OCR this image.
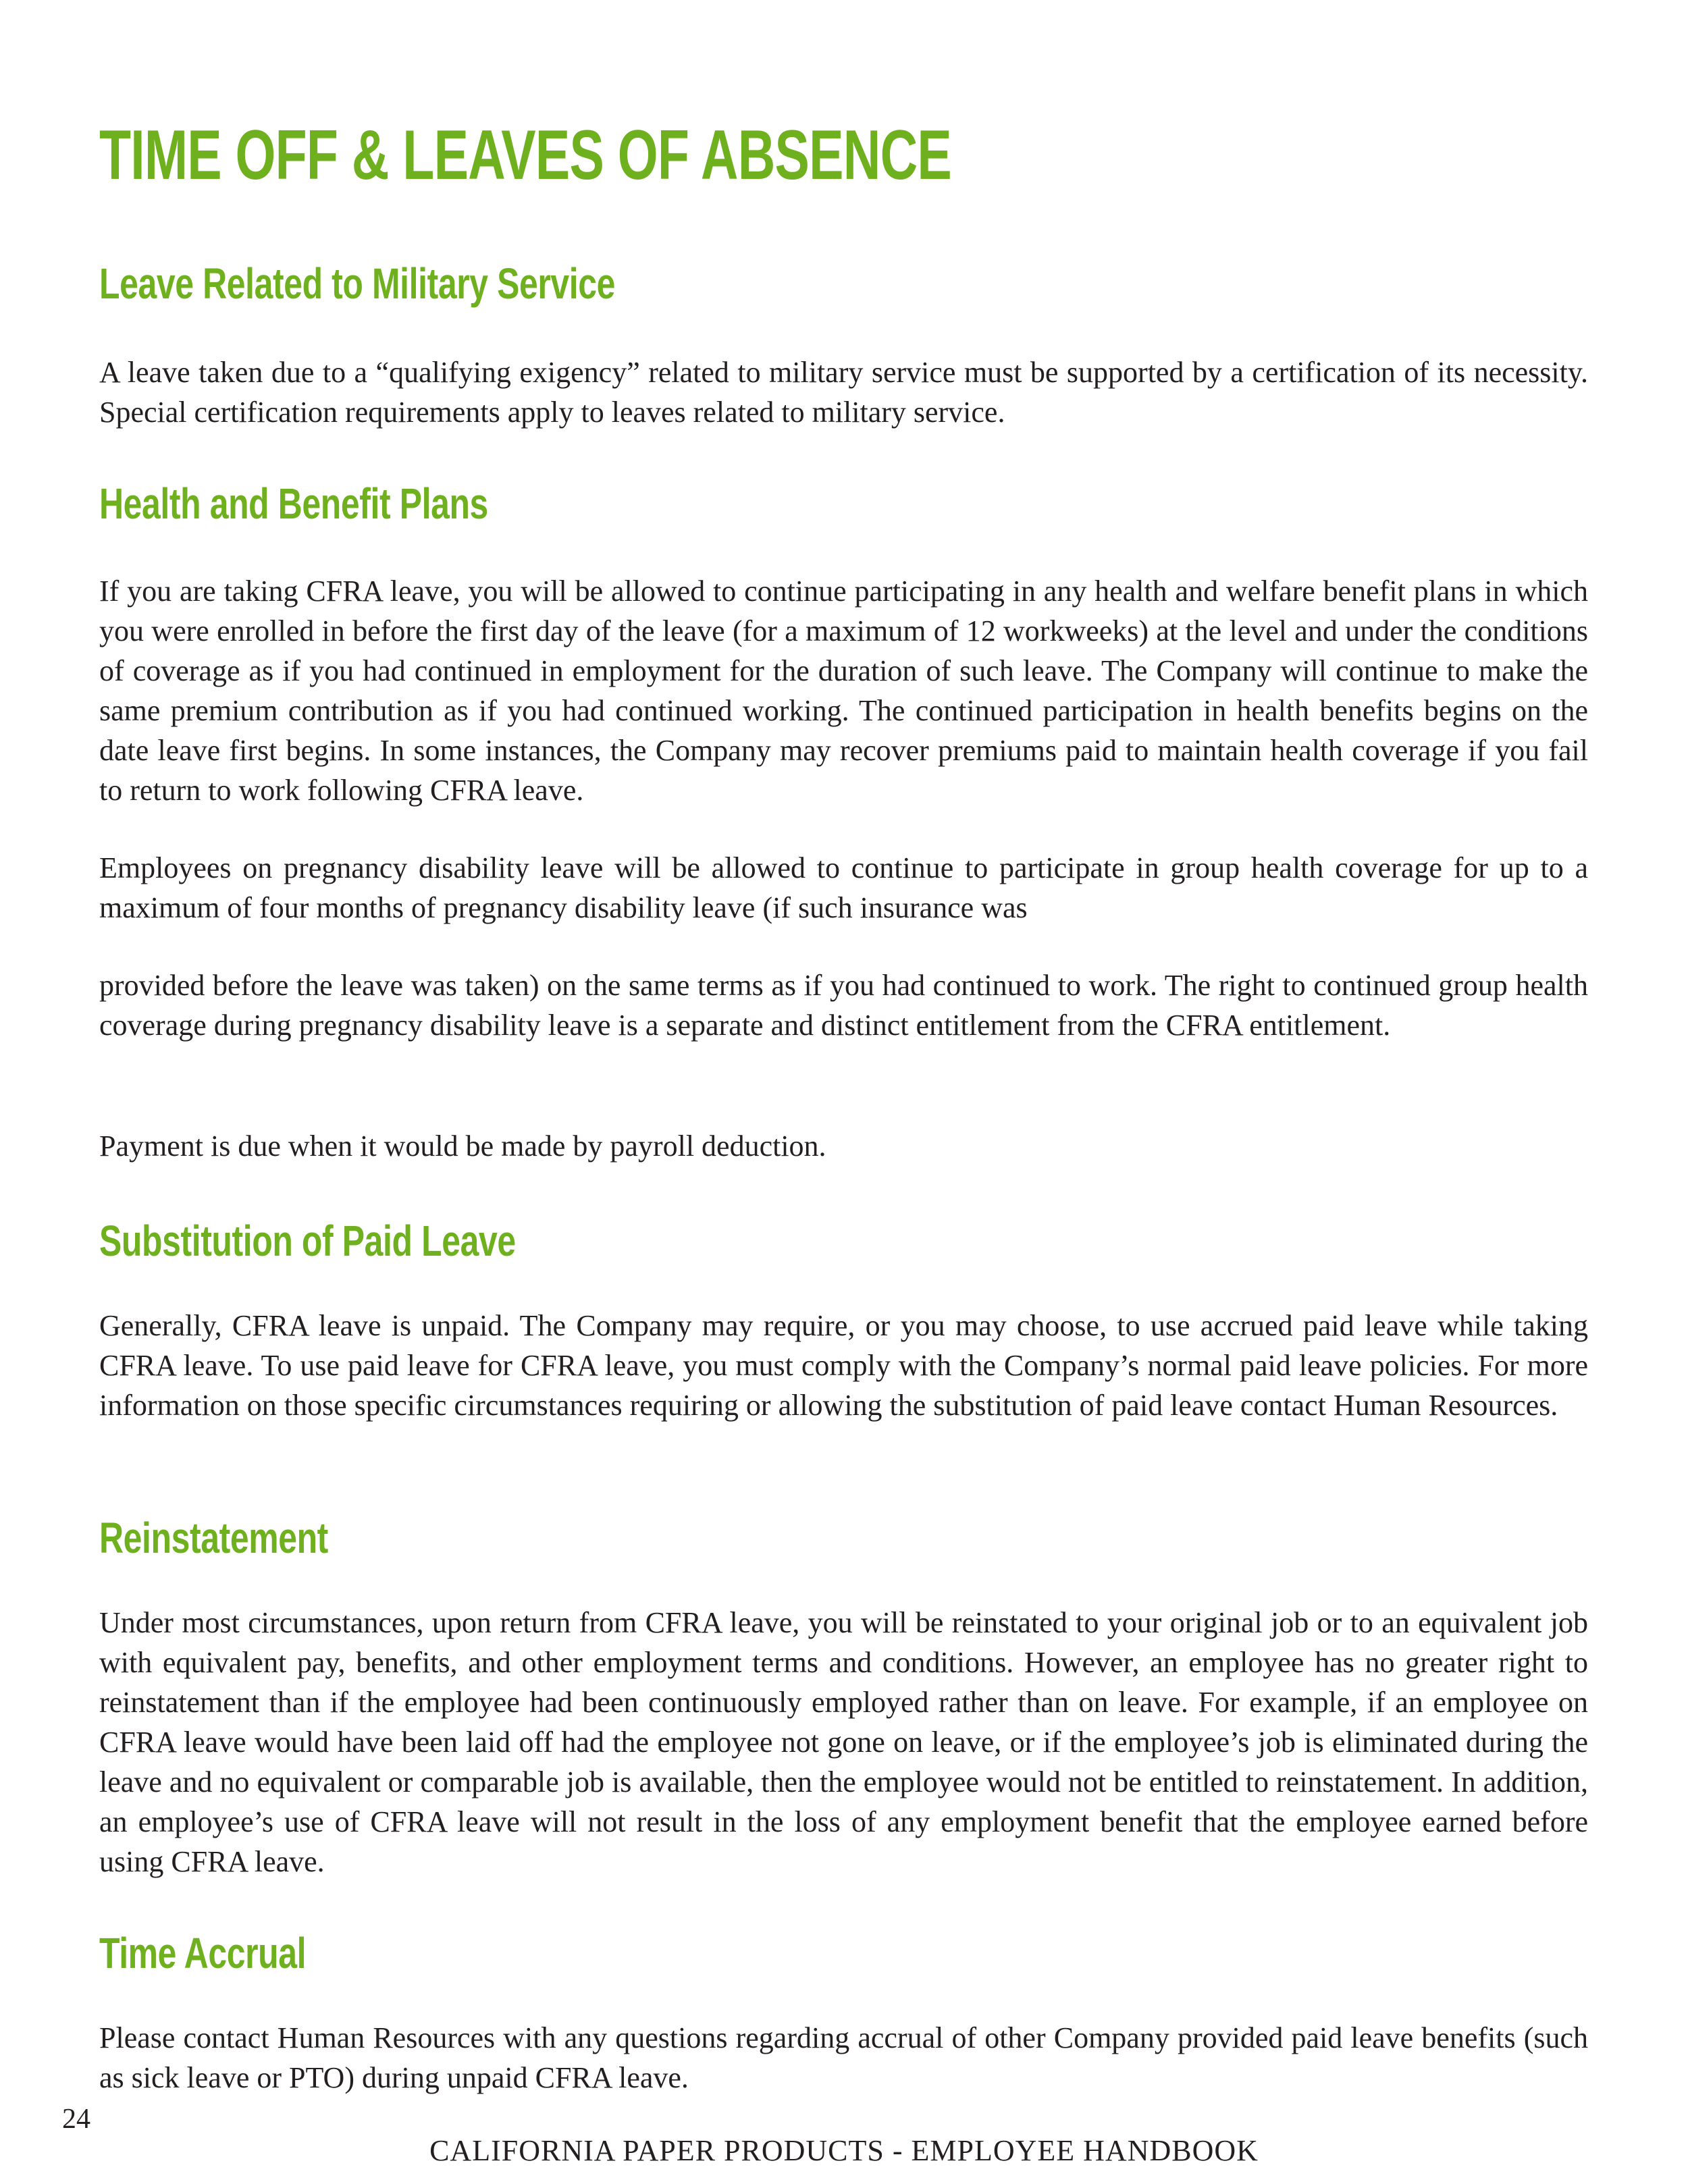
TIME OFF & LEAVES OF ABSENCE
Leave Related to Military Service

A leave taken due to a “qualifying exigency” related to military service must be supported by a certification of its necessity. Special certification requirements apply to leaves related to military service.

Health and Benefit Plans

If you are taking CFRA leave, you will be allowed to continue participating in any health and welfare benefit plans in which you were enrolled in before the first day of the leave (for a maximum of 12 workweeks) at the level and under the conditions of coverage as if you had continued in employment for the duration of such leave. The Company will continue to make the same premium contribution as if you had continued working. The continued participation in health benefits begins on the date leave first begins. In some instances, the Company may recover premiums paid to maintain health coverage if you fail to return to work following CFRA leave.

Employees on pregnancy disability leave will be allowed to continue to participate in group health coverage for up to a maximum of four months of pregnancy disability leave (if such insurance was

provided before the leave was taken) on the same terms as if you had continued to work. The right to continued group health coverage during pregnancy disability leave is a separate and distinct entitlement from the CFRA entitlement.

Payment is due when it would be made by payroll deduction.

Substitution of Paid Leave

Generally, CFRA leave is unpaid. The Company may require, or you may choose, to use accrued paid leave while taking CFRA leave. To use paid leave for CFRA leave, you must comply with the Company’s normal paid leave policies. For more information on those specific circumstances requiring or allowing the substitution of paid leave contact Human Resources.

Reinstatement

Under most circumstances, upon return from CFRA leave, you will be reinstated to your original job or to an equivalent job with equivalent pay, benefits, and other employment terms and conditions. However, an employee has no greater right to reinstatement than if the employee had been continuously employed rather than on leave. For example, if an employee on CFRA leave would have been laid off had the employee not gone on leave, or if the employee’s job is eliminated during the leave and no equivalent or comparable job is available, then the employee would not be entitled to reinstatement. In addition, an employee’s use of CFRA leave will not result in the loss of any employment benefit that the employee earned before using CFRA leave.

Time Accrual

Please contact Human Resources with any questions regarding accrual of other Company provided paid leave benefits (such as sick leave or PTO) during unpaid CFRA leave.

24
CALIFORNIA PAPER PRODUCTS - EMPLOYEE HANDBOOK
